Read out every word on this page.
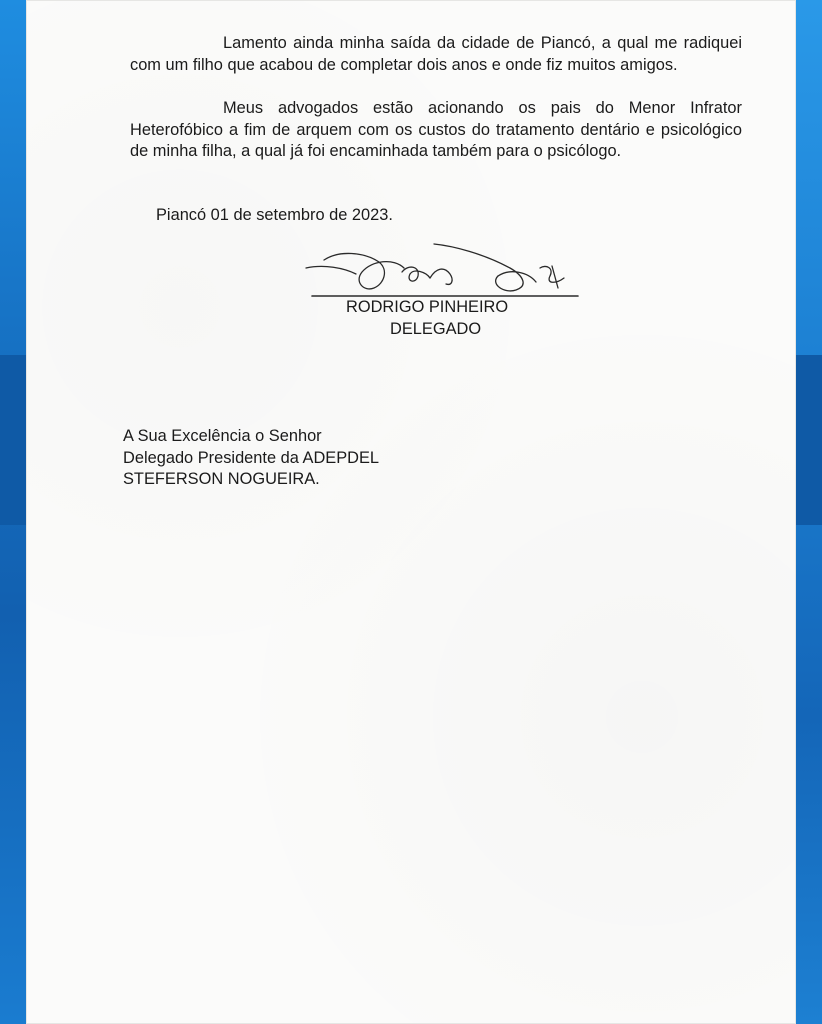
Lamento ainda minha saída da cidade de Piancó, a qual me radiquei com um filho que acabou de completar dois anos e onde fiz muitos amigos.

Meus advogados estão acionando os pais do Menor Infrator Heterofóbico a fim de arquem com os custos do tratamento dentário e psicológico de minha filha, a qual já foi encaminhada também para o psicólogo.

Piancó 01 de setembro de 2023.
RODRIGO PINHEIRO
DELEGADO
A Sua Excelência o Senhor
Delegado Presidente da ADEPDEL
STEFERSON NOGUEIRA.
